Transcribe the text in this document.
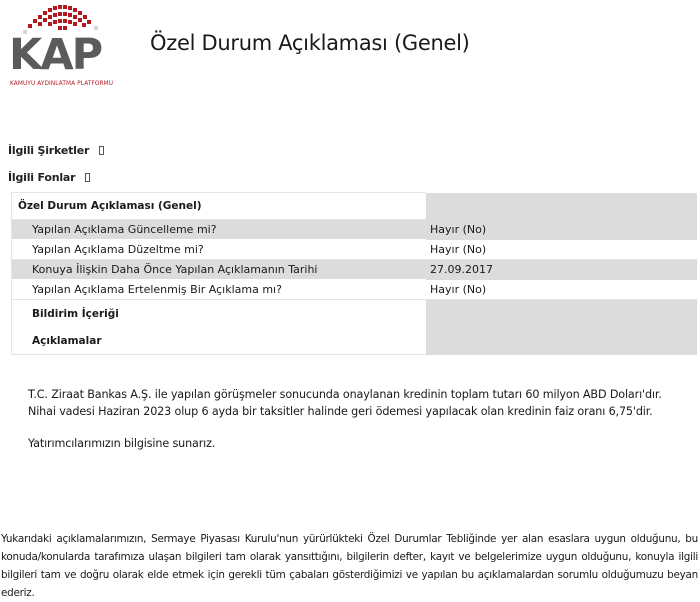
KAP
KAMUYU AYDINLATMA PLATFORMU
Özel Durum Açıklaması (Genel)
İlgili Şirketler
İlgili Fonlar
Özel Durum Açıklaması (Genel)	
Yapılan Açıklama Güncelleme mi?	Hayır (No)
Yapılan Açıklama Düzeltme mi?	Hayır (No)
Konuya İlişkin Daha Önce Yapılan Açıklamanın Tarihi	27.09.2017
Yapılan Açıklama Ertelenmiş Bir Açıklama mı?	Hayır (No)
Bildirim İçeriği	
Açıklamalar	
T.C. Ziraat Bankas A.Ş. ile yapılan görüşmeler sonucunda onaylanan kredinin toplam tutarı 60 milyon ABD Doları'dır. Nihai vadesi Haziran 2023 olup 6 ayda bir taksitler halinde geri ödemesi yapılacak olan kredinin faiz oranı 6,75'dir.
Yatırımcılarımızın bilgisine sunarız.
Yukarıdaki açıklamalarımızın, Sermaye Piyasası Kurulu'nun yürürlükteki Özel Durumlar Tebliğinde yer alan esaslara uygun olduğunu, bu konuda/konularda tarafımıza ulaşan bilgileri tam olarak yansıttığını, bilgilerin defter, kayıt ve belgelerimize uygun olduğunu, konuyla ilgili bilgileri tam ve doğru olarak elde etmek için gerekli tüm çabaları gösterdiğimizi ve yapılan bu açıklamalardan sorumlu olduğumuzu beyan ederiz.
